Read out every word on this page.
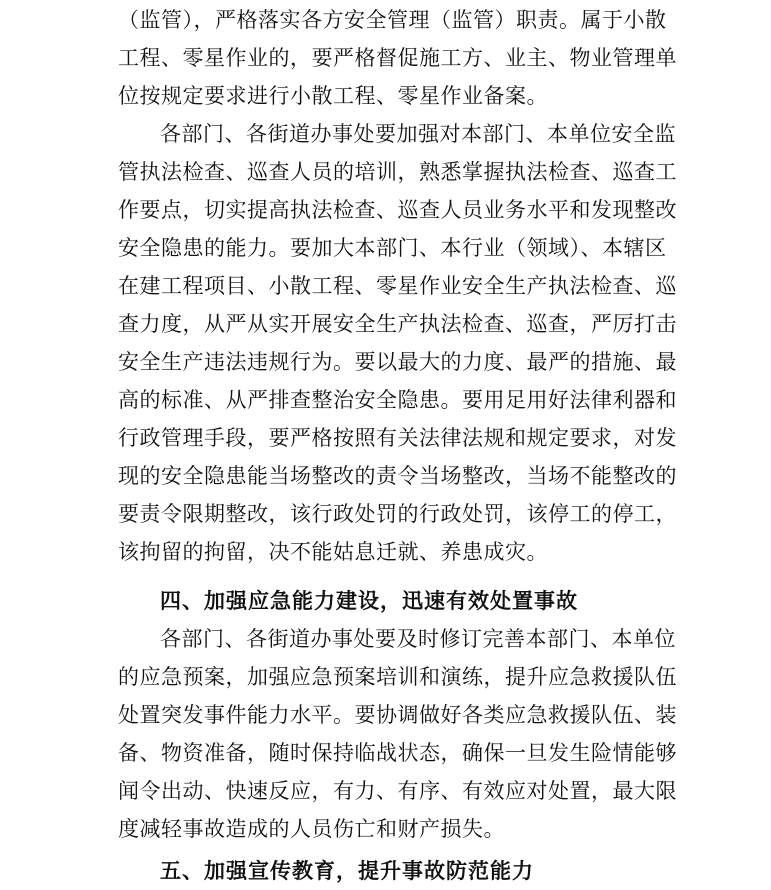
（监管），严格落实各方安全管理（监管）职责。属于小散
工程、零星作业的，要严格督促施工方、业主、物业管理单
位按规定要求进行小散工程、零星作业备案。
各部门、各街道办事处要加强对本部门、本单位安全监
管执法检查、巡查人员的培训，熟悉掌握执法检查、巡查工
作要点，切实提高执法检查、巡查人员业务水平和发现整改
安全隐患的能力。要加大本部门、本行业（领域）、本辖区
在建工程项目、小散工程、零星作业安全生产执法检查、巡
查力度，从严从实开展安全生产执法检查、巡查，严厉打击
安全生产违法违规行为。要以最大的力度、最严的措施、最
高的标准、从严排查整治安全隐患。要用足用好法律利器和
行政管理手段，要严格按照有关法律法规和规定要求，对发
现的安全隐患能当场整改的责令当场整改，当场不能整改的
要责令限期整改，该行政处罚的行政处罚，该停工的停工，
该拘留的拘留，决不能姑息迁就、养患成灾。
四、加强应急能力建设，迅速有效处置事故
各部门、各街道办事处要及时修订完善本部门、本单位
的应急预案，加强应急预案培训和演练，提升应急救援队伍
处置突发事件能力水平。要协调做好各类应急救援队伍、装
备、物资准备，随时保持临战状态，确保一旦发生险情能够
闻令出动、快速反应，有力、有序、有效应对处置，最大限
度减轻事故造成的人员伤亡和财产损失。
五、加强宣传教育，提升事故防范能力
